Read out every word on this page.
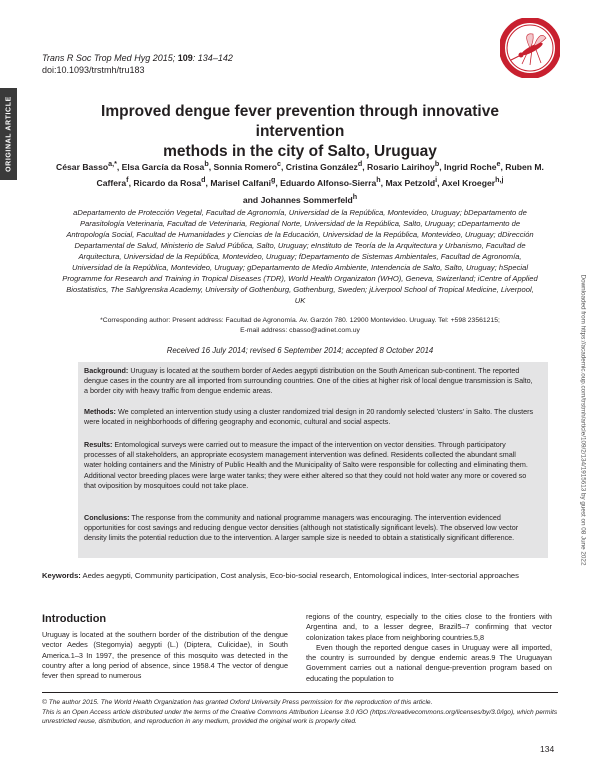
ORIGINAL ARTICLE
Downloaded from https://academic.oup.com/trstmh/article/109/2/134/1915613 by guest on 08 June 2022
Trans R Soc Trop Med Hyg 2015; 109: 134–142
doi:10.1093/trstmh/tru183
Improved dengue fever prevention through innovative intervention
methods in the city of Salto, Uruguay
César Basso$^{a,*}$, Elsa García da Rosa$^b$, Sonnia Romero$^c$, Cristina González$^d$, Rosario Lairihoy$^b$, Ingrid Roche$^e$, Ruben M. Caffera$^f$, Ricardo da Rosa$^d$, Marisel Calfani$^g$, Eduardo Alfonso-Sierra$^h$, Max Petzold$^i$, Axel Kroeger$^{h,j}$
and Johannes Sommerfeld$^h$
aDepartamento de Protección Vegetal, Facultad de Agronomía, Universidad de la República, Montevideo, Uruguay; bDepartamento de Parasitología Veterinaria, Facultad de Veterinaria, Regional Norte, Universidad de la República, Salto, Uruguay; cDepartamento de Antropología Social, Facultad de Humanidades y Ciencias de la Educación, Universidad de la República, Montevideo, Uruguay; dDirección Departamental de Salud, Ministerio de Salud Pública, Salto, Uruguay; eInstituto de Teoría de la Arquitectura y Urbanismo, Facultad de Arquitectura, Universidad de la República, Montevideo, Uruguay; fDepartamento de Sistemas Ambientales, Facultad de Agronomía, Universidad de la República, Montevideo, Uruguay; gDepartamento de Medio Ambiente, Intendencia de Salto, Salto, Uruguay; hSpecial Programme for Research and Training in Tropical Diseases (TDR), World Health Organizaton (WHO), Geneva, Swizerland; iCentre of Applied Biostatistics, The Sahlgrenska Academy, University of Gothenburg, Gothenburg, Sweden; jLiverpool School of Tropical Medicine, Liverpool, UK
*Corresponding author: Present address: Facultad de Agronomía. Av. Garzón 780. 12900 Montevideo. Uruguay. Tel: +598 23561215;
E-mail address: cbasso@adinet.com.uy
Received 16 July 2014; revised 6 September 2014; accepted 8 October 2014

Background: Uruguay is located at the southern border of Aedes aegypti distribution on the South American sub-continent. The reported dengue cases in the country are all imported from surrounding countries. One of the cities at higher risk of local dengue transmission is Salto, a border city with heavy traffic from dengue endemic areas.

Methods: We completed an intervention study using a cluster randomized trial design in 20 randomly selected 'clusters' in Salto. The clusters were located in neighborhoods of differing geography and economic, cultural and social aspects.

Results: Entomological surveys were carried out to measure the impact of the intervention on vector densities. Through participatory processes of all stakeholders, an appropriate ecosystem management intervention was defined. Residents collected the abundant small water holding containers and the Ministry of Public Health and the Municipality of Salto were responsible for collecting and eliminating them. Additional vector breeding places were large water tanks; they were either altered so that they could not hold water any more or covered so that oviposition by mosquitoes could not take place.

Conclusions: The response from the community and national programme managers was encouraging. The intervention evidenced opportunities for cost savings and reducing dengue vector densities (although not statistically significant levels). The observed low vector density limits the potential reduction due to the intervention. A larger sample size is needed to obtain a statistically significant difference.

Keywords: Aedes aegypti, Community participation, Cost analysis, Eco-bio-social research, Entomological indices, Inter-sectorial approaches
Introduction

Uruguay is located at the southern border of the distribution of the dengue vector Aedes (Stegomyia) aegypti (L.) (Diptera, Culicidae), in South America.1–3 In 1997, the presence of this mosquito was detected in the country after a long period of absence, since 1958.4 The vector of dengue fever then spread to numerous

regions of the country, especially to the cities close to the frontiers with Argentina and, to a lesser degree, Brazil5–7 confirming that vector colonization takes place from neighboring countries.5,8

Even though the reported dengue cases in Uruguay were all imported, the country is surrounded by dengue endemic areas.9 The Uruguayan Government carries out a national dengue-prevention program based on educating the population to

© The author 2015. The World Health Organization has granted Oxford University Press permission for the reproduction of this article.
This is an Open Access article distributed under the terms of the Creative Commons Attribution License 3.0 IGO (https://creativecommons.org/licenses/by/3.0/igo), which permits unrestricted reuse, distribution, and reproduction in any medium, provided the original work is properly cited.
134
